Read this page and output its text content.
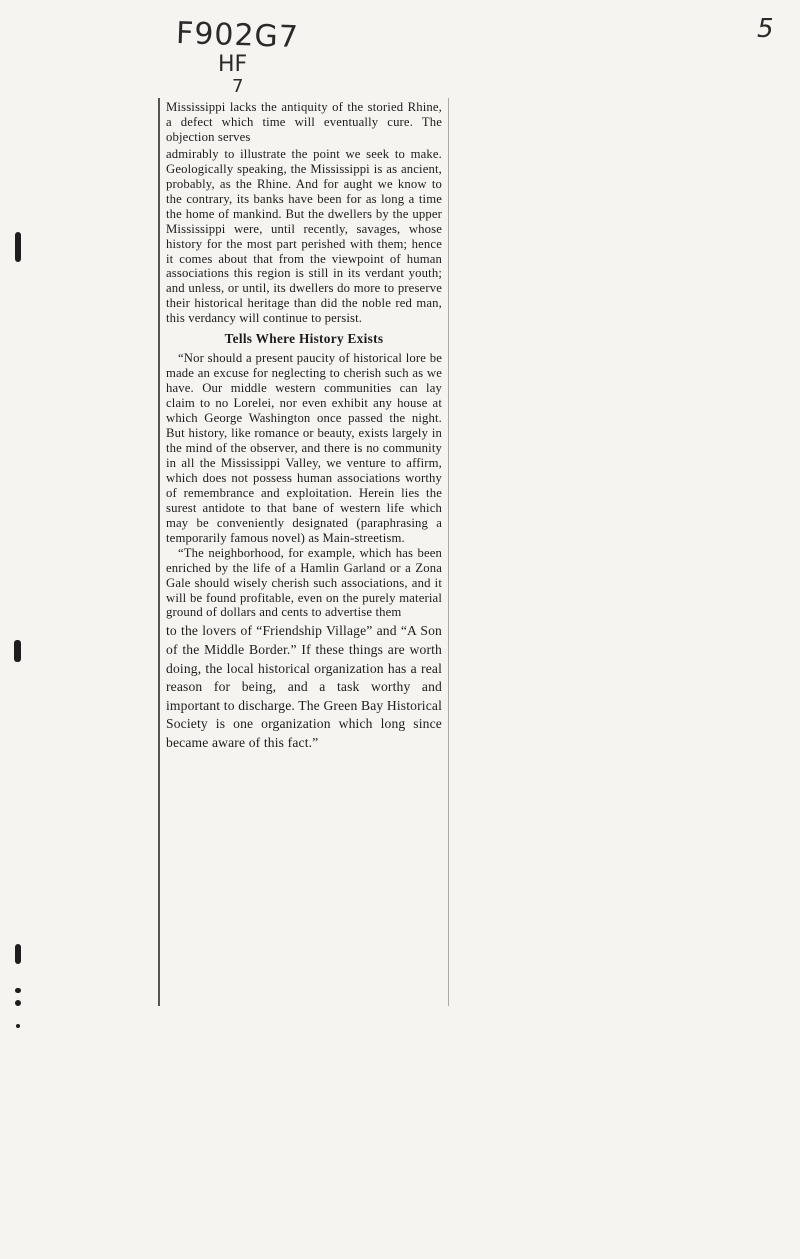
F902G7
HF
7
5

Mississippi lacks the antiquity of the storied Rhine, a defect which time will eventually cure. The objection serves

admirably to illustrate the point we seek to make. Geologically speaking, the Mississippi is as ancient, probably, as the Rhine. And for aught we know to the contrary, its banks have been for as long a time the home of mankind. But the dwellers by the upper Mississippi were, until recently, savages, whose history for the most part perished with them; hence it comes about that from the viewpoint of human associations this region is still in its verdant youth; and unless, or until, its dwellers do more to preserve their historical heritage than did the noble red man, this verdancy will continue to persist.

Tells Where History Exists

“Nor should a present paucity of historical lore be made an excuse for neglecting to cherish such as we have. Our middle western communities can lay claim to no Lorelei, nor even exhibit any house at which George Washington once passed the night. But history, like romance or beauty, exists largely in the mind of the observer, and there is no community in all the Mississippi Valley, we venture to affirm, which does not possess human associations worthy of remembrance and exploitation. Herein lies the surest antidote to that bane of western life which may be conveniently designated (paraphrasing a temporarily famous novel) as Main-streetism.

“The neighborhood, for example, which has been enriched by the life of a Hamlin Garland or a Zona Gale should wisely cherish such associations, and it will be found profitable, even on the purely material ground of dollars and cents to advertise them

to the lovers of “Friendship Village” and “A Son of the Middle Border.” If these things are worth doing, the local historical organization has a real reason for being, and a task worthy and important to discharge. The Green Bay Historical Society is one organization which long since became aware of this fact.”
